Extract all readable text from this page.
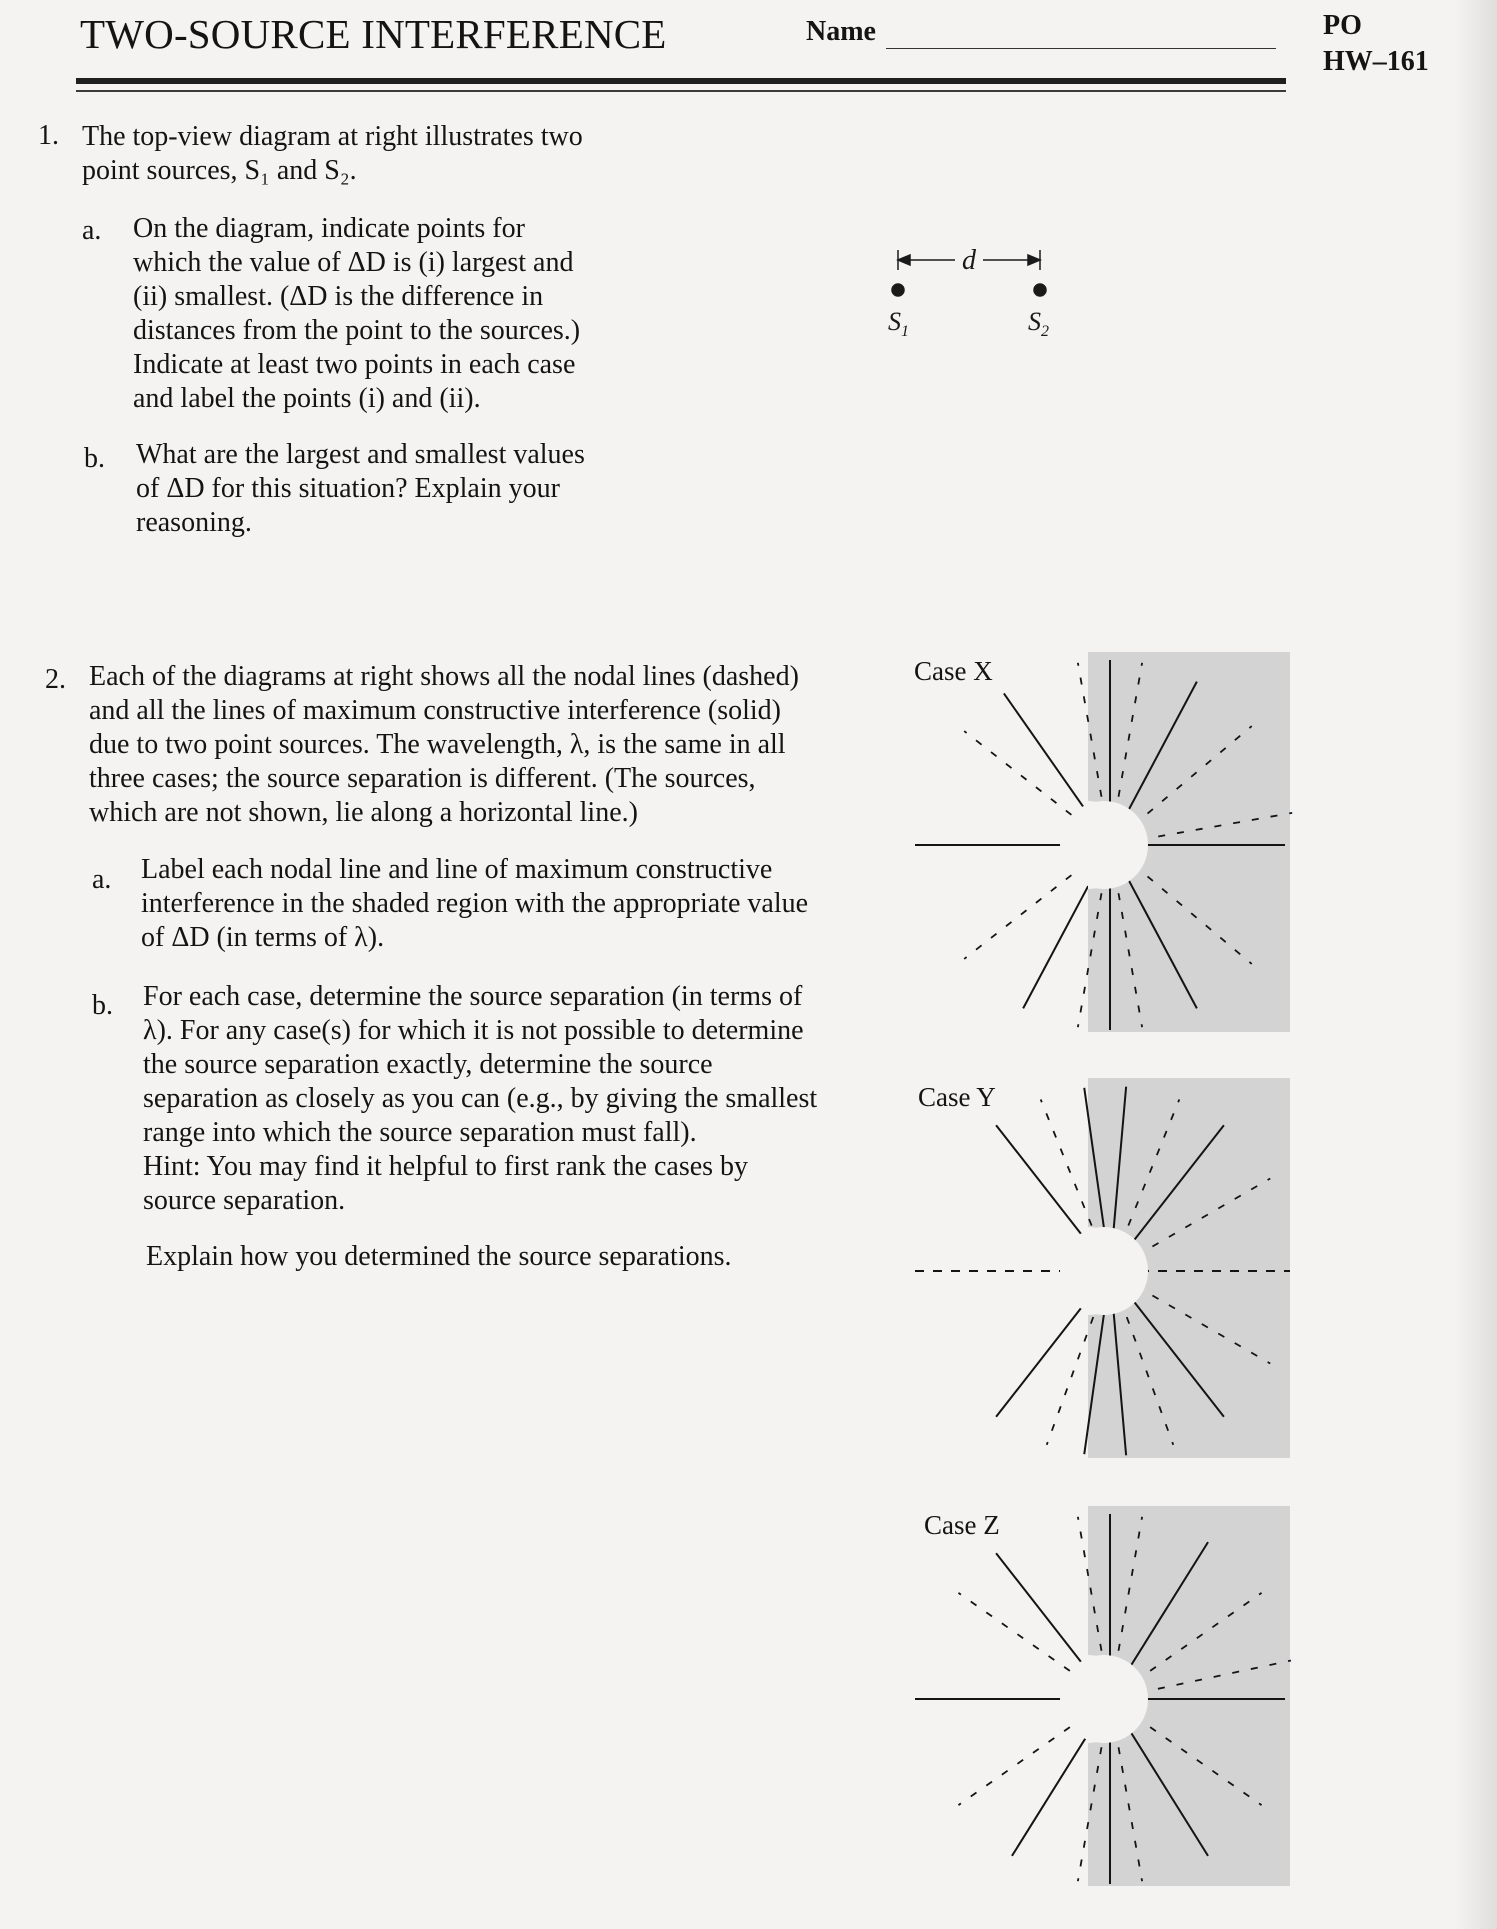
TWO-SOURCE INTERFERENCE	Name	PO
HW–161
1. The top-view diagram at right illustrates two
point sources, S₁ and S₂.
a. On the diagram, indicate points for
which the value of ΔD is (i) largest and
(ii) smallest. (ΔD is the difference in
distances from the point to the sources.)
Indicate at least two points in each case
and label the points (i) and (ii).
b. What are the largest and smallest values
of ΔD for this situation? Explain your
reasoning.
d
$S_1$	$S_2$
2. Each of the diagrams at right shows all the nodal lines (dashed)
and all the lines of maximum constructive interference (solid)
due to two point sources. The wavelength, λ, is the same in all
three cases; the source separation is different. (The sources,
which are not shown, lie along a horizontal line.)
a. Label each nodal line and line of maximum constructive
interference in the shaded region with the appropriate value
of ΔD (in terms of λ).
b. For each case, determine the source separation (in terms of
λ). For any case(s) for which it is not possible to determine
the source separation exactly, determine the source
separation as closely as you can (e.g., by giving the smallest
range into which the source separation must fall).
Hint: You may find it helpful to first rank the cases by
source separation.
Explain how you determined the source separations.
Case X
Case Y
Case Z
